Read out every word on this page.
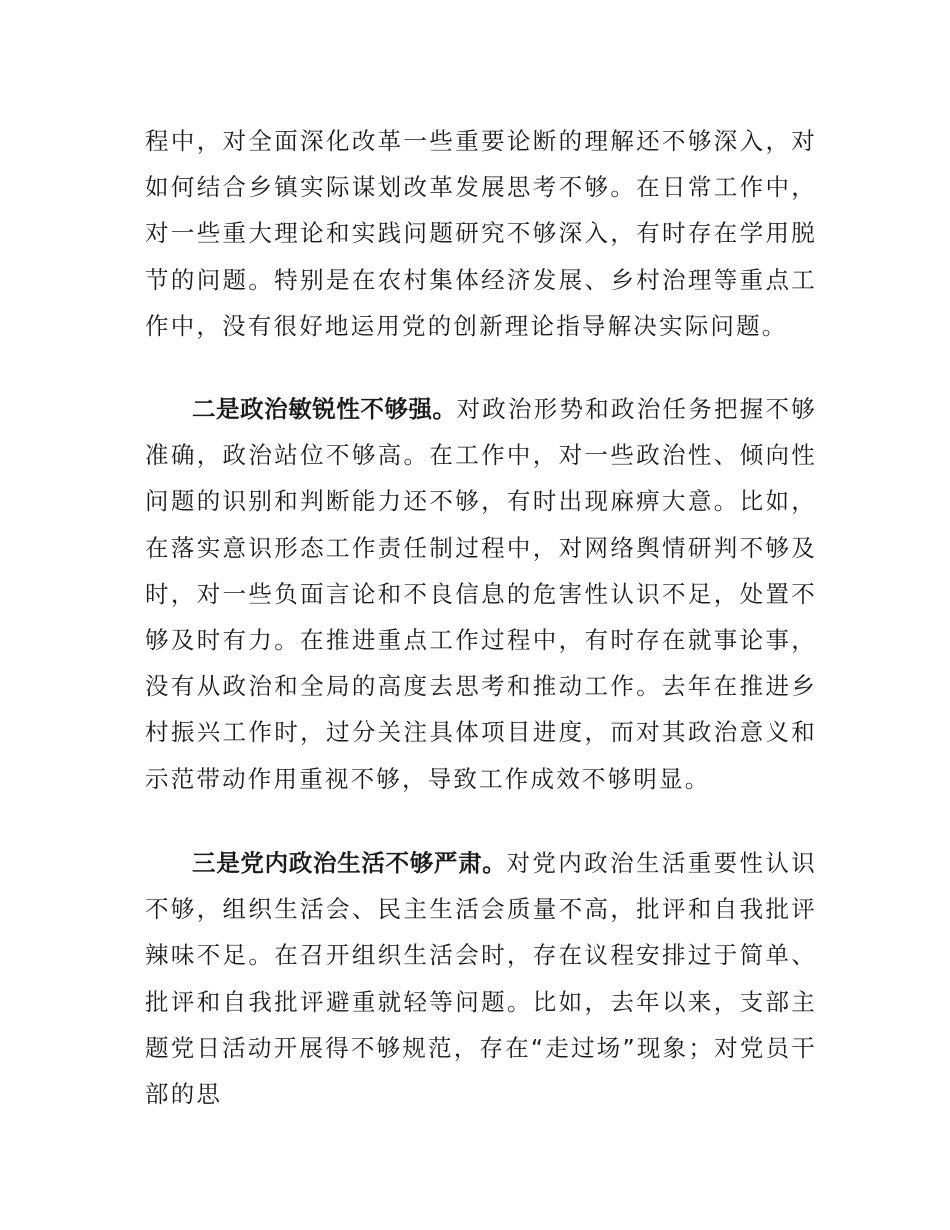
程中，对全面深化改革一些重要论断的理解还不够深入，对如何结合乡镇实际谋划改革发展思考不够。在日常工作中，对一些重大理论和实践问题研究不够深入，有时存在学用脱节的问题。特别是在农村集体经济发展、乡村治理等重点工作中，没有很好地运用党的创新理论指导解决实际问题。

二是政治敏锐性不够强。对政治形势和政治任务把握不够准确，政治站位不够高。在工作中，对一些政治性、倾向性问题的识别和判断能力还不够，有时出现麻痹大意。比如，在落实意识形态工作责任制过程中，对网络舆情研判不够及时，对一些负面言论和不良信息的危害性认识不足，处置不够及时有力。在推进重点工作过程中，有时存在就事论事，没有从政治和全局的高度去思考和推动工作。去年在推进乡村振兴工作时，过分关注具体项目进度，而对其政治意义和示范带动作用重视不够，导致工作成效不够明显。

三是党内政治生活不够严肃。对党内政治生活重要性认识不够，组织生活会、民主生活会质量不高，批评和自我批评辣味不足。在召开组织生活会时，存在议程安排过于简单、批评和自我批评避重就轻等问题。比如，去年以来，支部主题党日活动开展得不够规范，存在“走过场”现象；对党员干部的思
